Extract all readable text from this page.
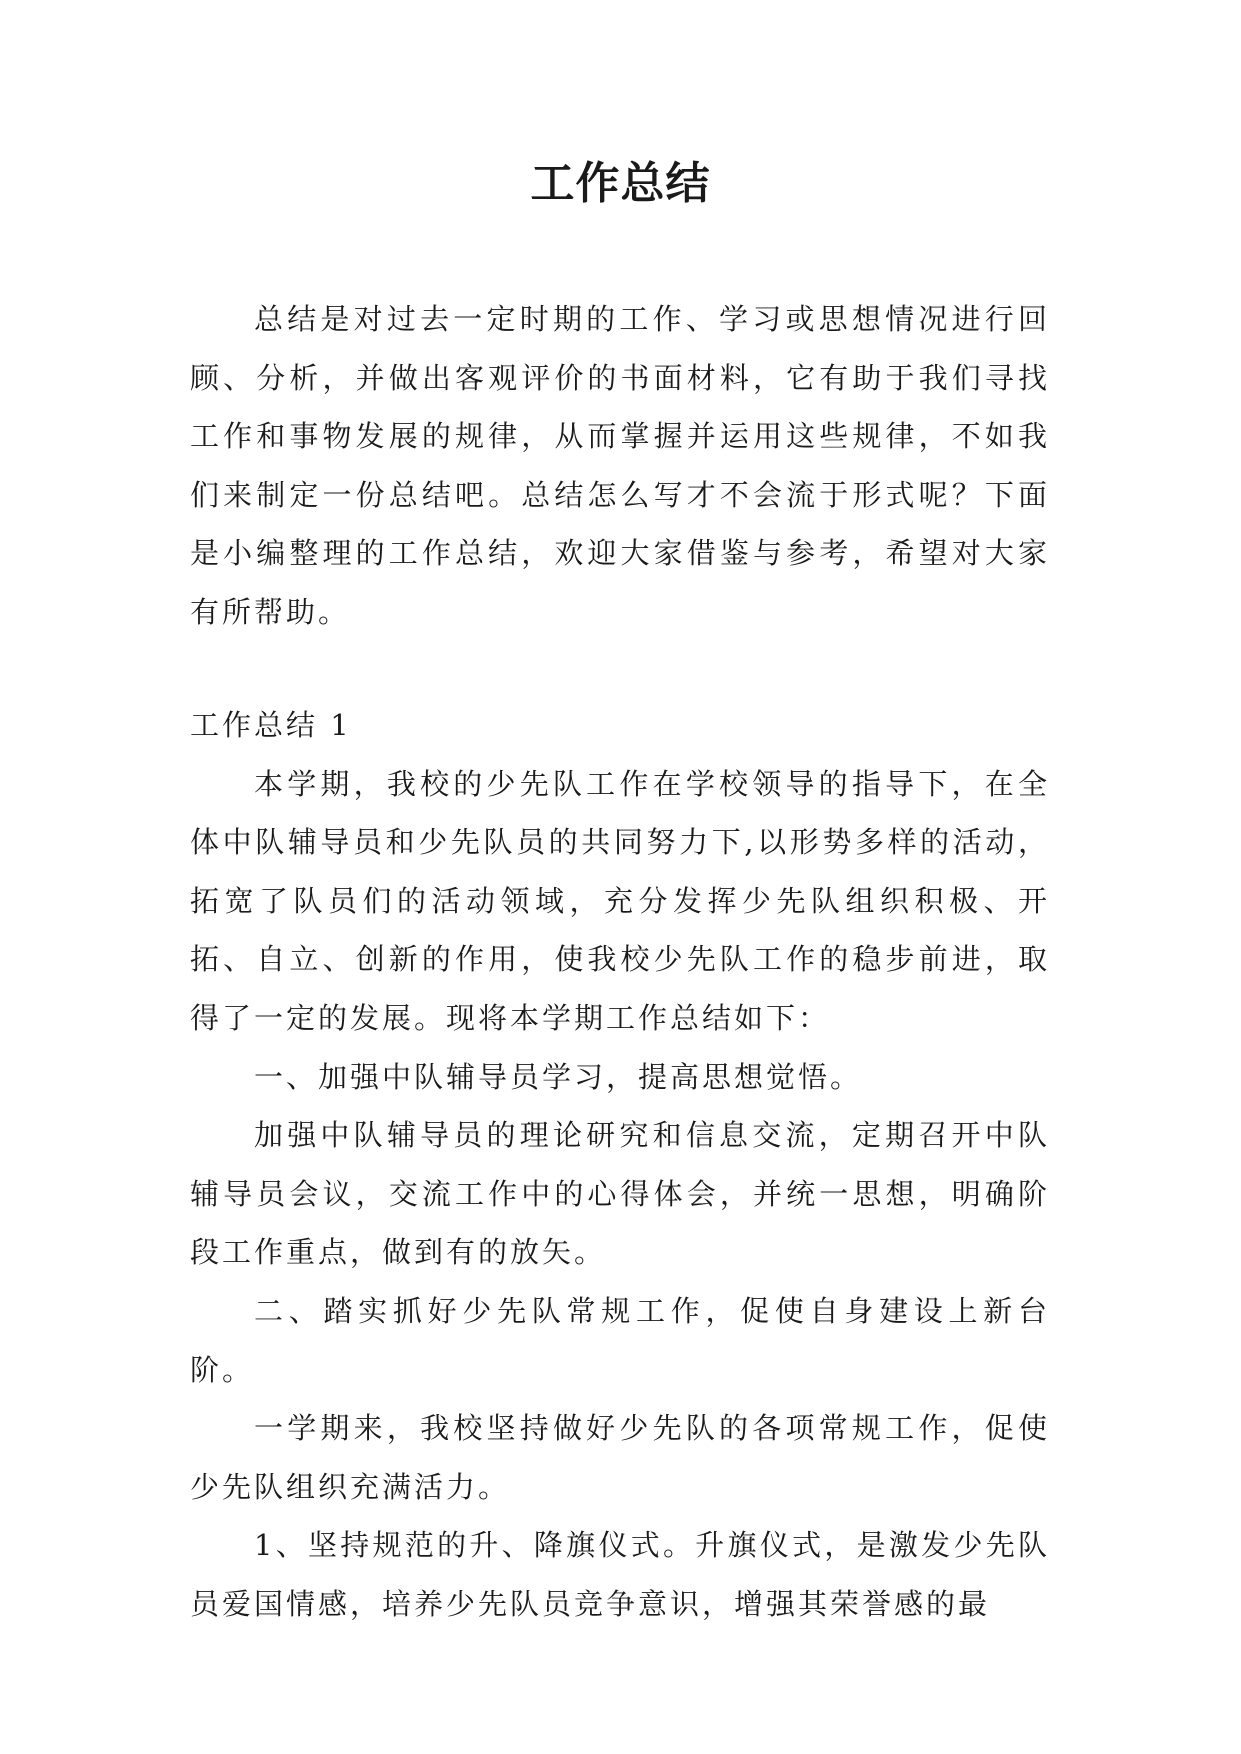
工作总结

总结是对过去一定时期的工作、学习或思想情况进行回顾、分析，并做出客观评价的书面材料，它有助于我们寻找工作和事物发展的规律，从而掌握并运用这些规律，不如我们来制定一份总结吧。总结怎么写才不会流于形式呢？下面是小编整理的工作总结，欢迎大家借鉴与参考，希望对大家有所帮助。

工作总结 1

本学期，我校的少先队工作在学校领导的指导下，在全体中队辅导员和少先队员的共同努力下,以形势多样的活动，拓宽了队员们的活动领域，充分发挥少先队组织积极、开拓、自立、创新的作用，使我校少先队工作的稳步前进，取得了一定的发展。现将本学期工作总结如下：

一、加强中队辅导员学习，提高思想觉悟。

加强中队辅导员的理论研究和信息交流，定期召开中队辅导员会议，交流工作中的心得体会，并统一思想，明确阶段工作重点，做到有的放矢。

二、踏实抓好少先队常规工作，促使自身建设上新台阶。

一学期来，我校坚持做好少先队的各项常规工作，促使少先队组织充满活力。

1、坚持规范的升、降旗仪式。升旗仪式，是激发少先队员爱国情感，培养少先队员竞争意识，增强其荣誉感的最
